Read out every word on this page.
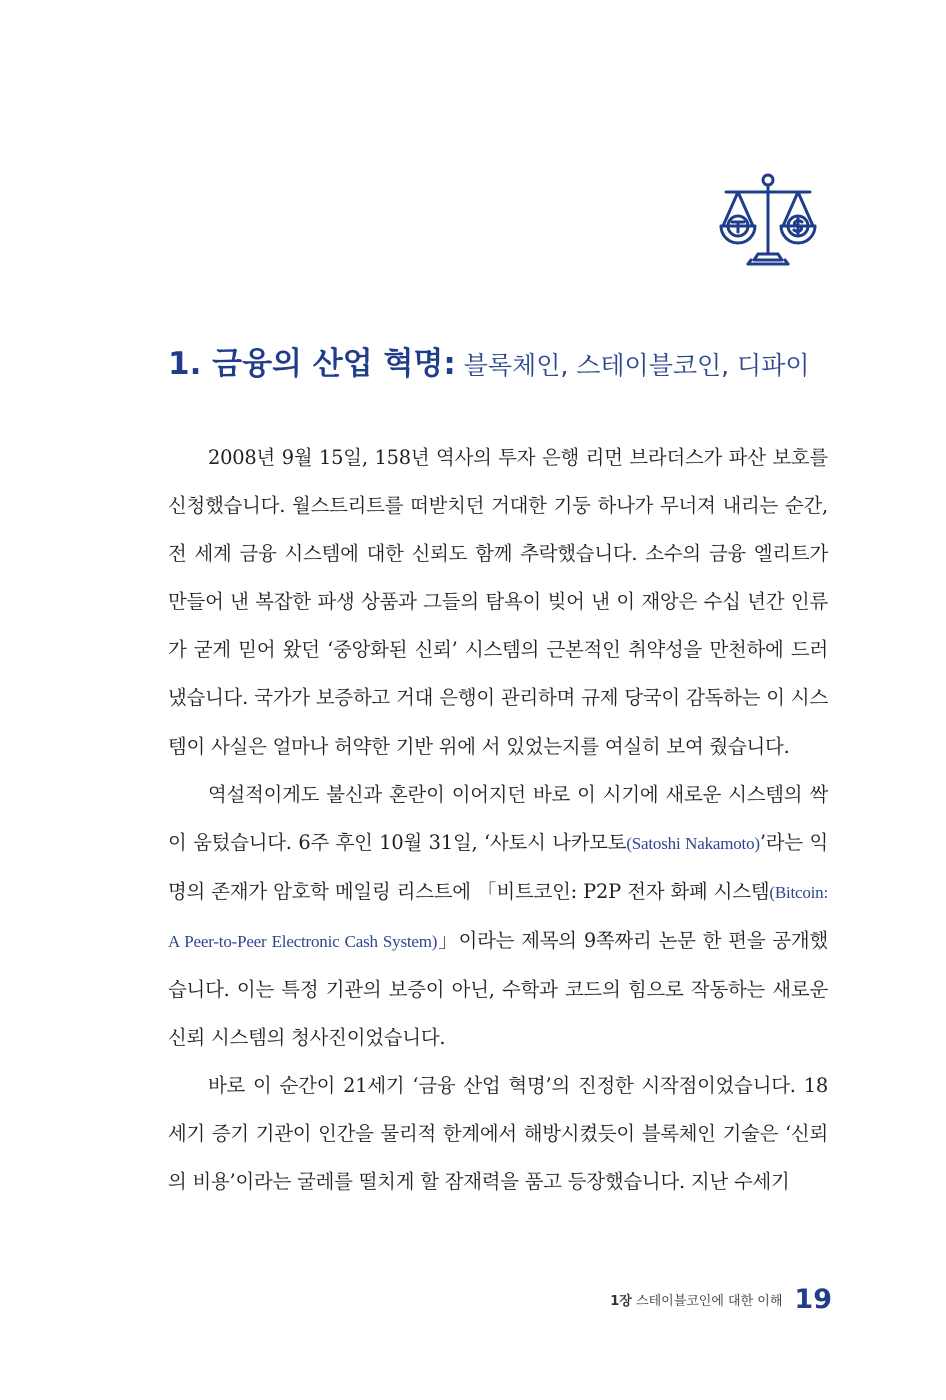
1. 금융의 산업 혁명: 블록체인, 스테이블코인, 디파이

2008년 9월 15일, 158년 역사의 투자 은행 리먼 브라더스가 파산 보호를 신청했습니다. 월스트리트를 떠받치던 거대한 기둥 하나가 무너져 내리는 순간, 전 세계 금융 시스템에 대한 신뢰도 함께 추락했습니다. 소수의 금융 엘리트가 만들어 낸 복잡한 파생 상품과 그들의 탐욕이 빚어 낸 이 재앙은 수십 년간 인류가 굳게 믿어 왔던 ‘중앙화된 신뢰’ 시스템의 근본적인 취약성을 만천하에 드러냈습니다. 국가가 보증하고 거대 은행이 관리하며 규제 당국이 감독하는 이 시스템이 사실은 얼마나 허약한 기반 위에 서 있었는지를 여실히 보여 줬습니다.

역설적이게도 불신과 혼란이 이어지던 바로 이 시기에 새로운 시스템의 싹이 움텄습니다. 6주 후인 10월 31일, ‘사토시 나카모토(Satoshi Nakamoto)’라는 익명의 존재가 암호학 메일링 리스트에 「비트코인: P2P 전자 화폐 시스템(Bitcoin: A Peer-to-Peer Electronic Cash System)」이라는 제목의 9쪽짜리 논문 한 편을 공개했습니다. 이는 특정 기관의 보증이 아닌, 수학과 코드의 힘으로 작동하는 새로운 신뢰 시스템의 청사진이었습니다.

바로 이 순간이 21세기 ‘금융 산업 혁명’의 진정한 시작점이었습니다. 18세기 증기 기관이 인간을 물리적 한계에서 해방시켰듯이 블록체인 기술은 ‘신뢰의 비용’이라는 굴레를 떨치게 할 잠재력을 품고 등장했습니다. 지난 수세기

1장 스테이블코인에 대한 이해 19
